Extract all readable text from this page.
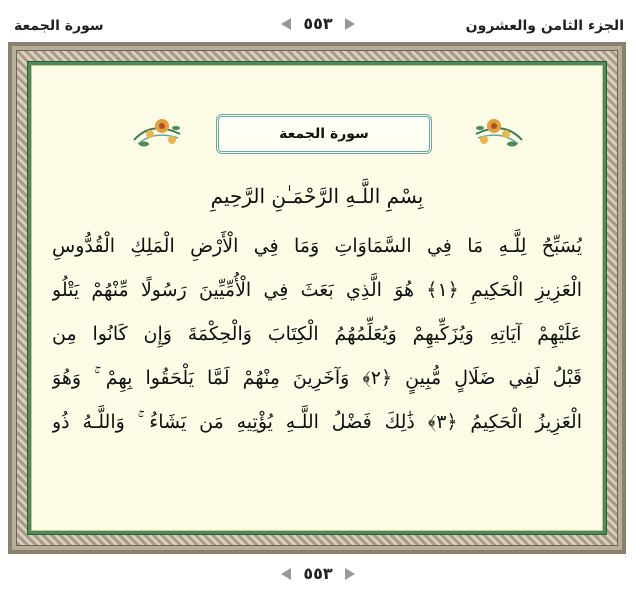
الجزء الثامن والعشرون
٥٥٣
سورة الجمعة
سورة الجمعة
بِسْمِ اللَّـهِ الرَّحْمَـٰنِ الرَّحِيمِ
يُسَبِّحُ لِلَّـهِ مَا فِي السَّمَاوَاتِ وَمَا فِي الْأَرْضِ الْمَلِكِ الْقُدُّوسِ
الْعَزِيزِ الْحَكِيمِ ﴿١﴾ هُوَ الَّذِي بَعَثَ فِي الْأُمِّيِّينَ رَسُولًا مِّنْهُمْ يَتْلُو
عَلَيْهِمْ آيَاتِهِ وَيُزَكِّيهِمْ وَيُعَلِّمُهُمُ الْكِتَابَ وَالْحِكْمَةَ وَإِن كَانُوا مِن
قَبْلُ لَفِي ضَلَالٍ مُّبِينٍ ﴿٢﴾ وَآخَرِينَ مِنْهُمْ لَمَّا يَلْحَقُوا بِهِمْ ۚ وَهُوَ
الْعَزِيزُ الْحَكِيمُ ﴿٣﴾ ذَٰلِكَ فَضْلُ اللَّـهِ يُؤْتِيهِ مَن يَشَاءُ ۚ وَاللَّـهُ ذُو
٥٥٣
